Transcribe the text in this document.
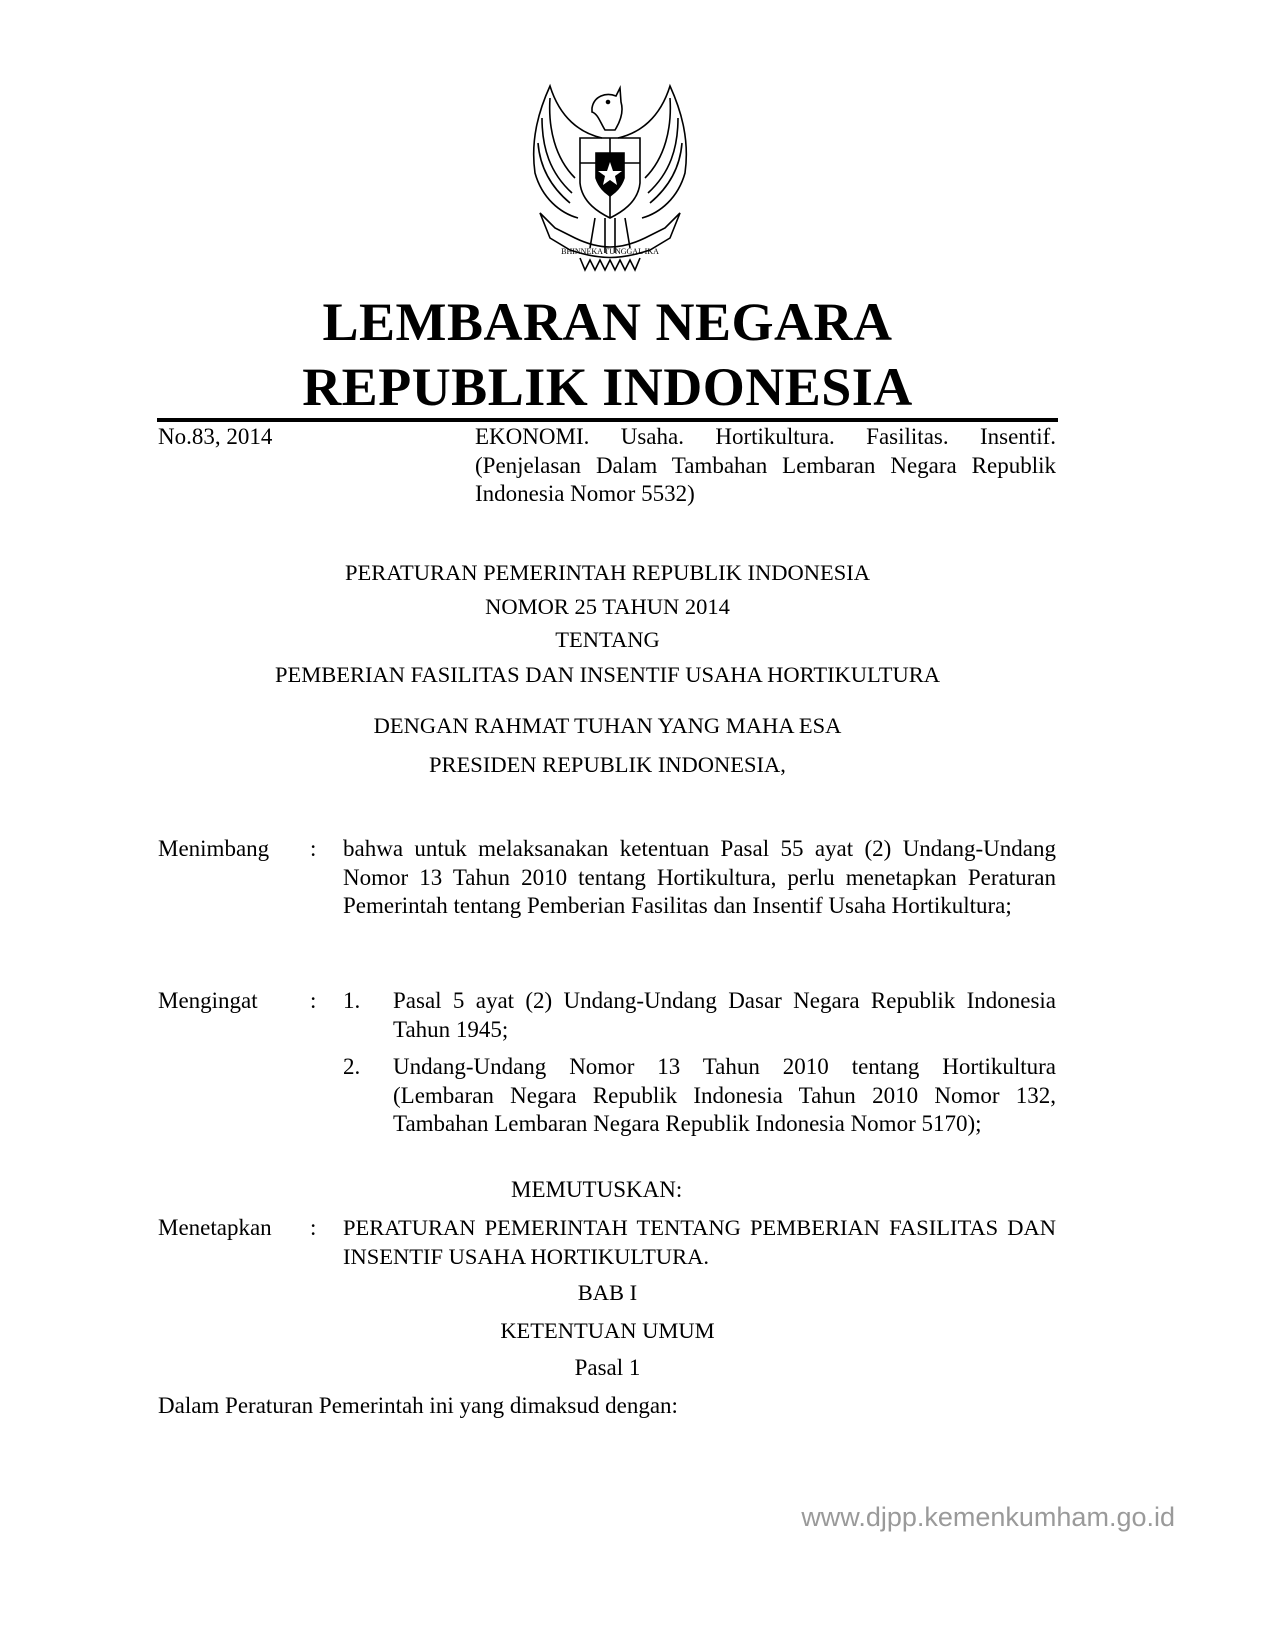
BHINNEKA TUNGGAL IKA
LEMBARAN NEGARA
REPUBLIK INDONESIA
No.83, 2014	EKONOMI. Usaha. Hortikultura. Fasilitas. Insentif. (Penjelasan Dalam Tambahan Lembaran Negara Republik Indonesia Nomor 5532)
PERATURAN PEMERINTAH REPUBLIK INDONESIA
NOMOR 25 TAHUN 2014
TENTANG
PEMBERIAN FASILITAS DAN INSENTIF USAHA HORTIKULTURA
DENGAN RAHMAT TUHAN YANG MAHA ESA
PRESIDEN REPUBLIK INDONESIA,
Menimbang : bahwa untuk melaksanakan ketentuan Pasal 55 ayat (2) Undang-Undang Nomor 13 Tahun 2010 tentang Hortikultura, perlu menetapkan Peraturan Pemerintah tentang Pemberian Fasilitas dan Insentif Usaha Hortikultura;
Mengingat : 1. Pasal 5 ayat (2) Undang-Undang Dasar Negara Republik Indonesia Tahun 1945;
2. Undang-Undang Nomor 13 Tahun 2010 tentang Hortikultura (Lembaran Negara Republik Indonesia Tahun 2010 Nomor 132, Tambahan Lembaran Negara Republik Indonesia Nomor 5170);
MEMUTUSKAN:
Menetapkan : PERATURAN PEMERINTAH TENTANG PEMBERIAN FASILITAS DAN INSENTIF USAHA HORTIKULTURA.
BAB I
KETENTUAN UMUM
Pasal 1
Dalam Peraturan Pemerintah ini yang dimaksud dengan:
www.djpp.kemenkumham.go.id
